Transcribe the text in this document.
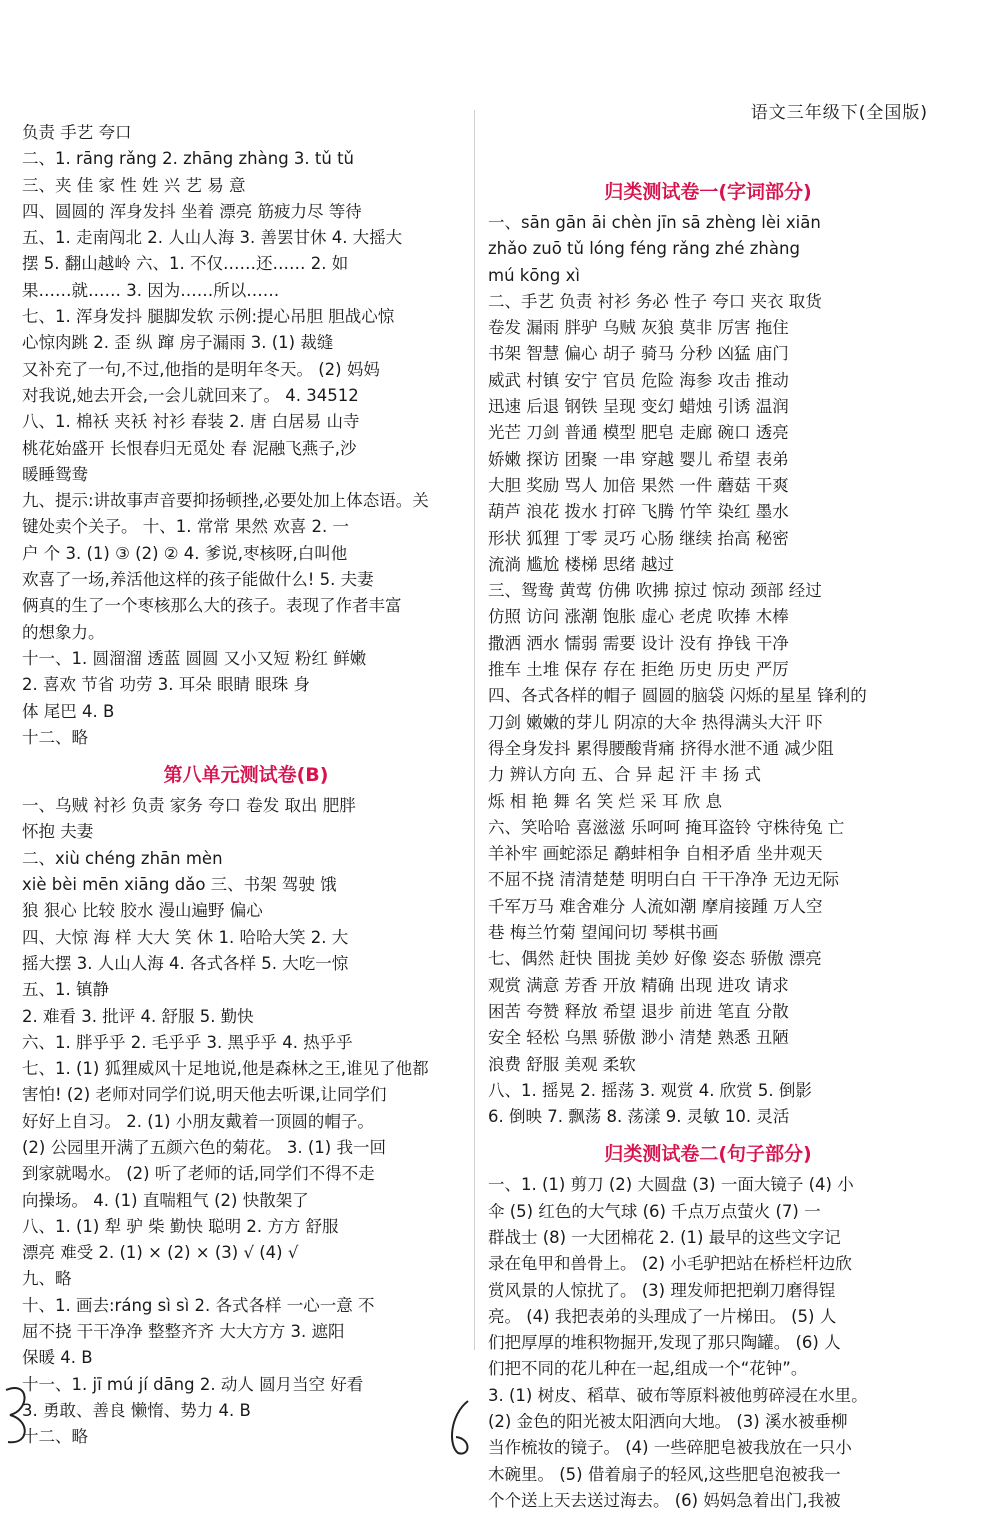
语文三年级下(全国版)
负责 手艺 夸口
二、1. rāng rǎng 2. zhāng zhàng 3. tǔ tǔ
三、夹 佳 家 性 姓 兴 艺 易 意
四、圆圆的 浑身发抖 坐着 漂亮 筋疲力尽 等待
五、1. 走南闯北 2. 人山人海 3. 善罢甘休 4. 大摇大
摆 5. 翻山越岭 六、1. 不仅……还…… 2. 如
果……就…… 3. 因为……所以……
七、1. 浑身发抖 腿脚发软 示例:提心吊胆 胆战心惊
心惊肉跳 2. 歪 纵 蹿 房子漏雨 3. (1) 裁缝
又补充了一句,不过,他指的是明年冬天。 (2) 妈妈
对我说,她去开会,一会儿就回来了。 4. 34512
八、1. 棉袄 夹袄 衬衫 春装 2. 唐 白居易 山寺
桃花始盛开 长恨春归无觅处 春 泥融飞燕子,沙
暖睡鸳鸯
九、提示:讲故事声音要抑扬顿挫,必要处加上体态语。关
键处卖个关子。 十、1. 常常 果然 欢喜 2. 一
户 个 3. (1) ③ (2) ② 4. 爹说,枣核呀,白叫他
欢喜了一场,养活他这样的孩子能做什么! 5. 夫妻
俩真的生了一个枣核那么大的孩子。表现了作者丰富
的想象力。
十一、1. 圆溜溜 透蓝 圆圆 又小又短 粉红 鲜嫩
2. 喜欢 节省 功劳 3. 耳朵 眼睛 眼珠 身
体 尾巴 4. B
十二、略
第八单元测试卷(B)
一、乌贼 衬衫 负责 家务 夸口 卷发 取出 肥胖
怀抱 夫妻
二、xiù chéng zhān mèn
xiè bèi mēn xiāng dǎo 三、书架 驾驶 饿
狼 狠心 比较 胶水 漫山遍野 偏心
四、大惊 海 样 大大 笑 休 1. 哈哈大笑 2. 大
摇大摆 3. 人山人海 4. 各式各样 5. 大吃一惊
五、1. 镇静
2. 难看 3. 批评 4. 舒服 5. 勤快
六、1. 胖乎乎 2. 毛乎乎 3. 黑乎乎 4. 热乎乎
七、1. (1) 狐狸威风十足地说,他是森林之王,谁见了他都
害怕! (2) 老师对同学们说,明天他去听课,让同学们
好好上自习。 2. (1) 小朋友戴着一顶圆的帽子。
(2) 公园里开满了五颜六色的菊花。 3. (1) 我一回
到家就喝水。 (2) 听了老师的话,同学们不得不走
向操场。 4. (1) 直喘粗气 (2) 快散架了
八、1. (1) 犁 驴 柴 勤快 聪明 2. 方方 舒服
漂亮 难受 2. (1) × (2) × (3) √ (4) √
九、略
十、1. 画去:ráng sì sì 2. 各式各样 一心一意 不
屈不挠 干干净净 整整齐齐 大大方方 3. 遮阳
保暖 4. B
十一、1. jī mú jí dāng 2. 动人 圆月当空 好看
3. 勇敢、善良 懒惰、势力 4. B
十二、略
归类测试卷一(字词部分)
一、sān gān āi chèn jīn sā zhèng lèi xiān
zhǎo zuō tǔ lóng féng rǎng zhé zhàng
mú kōng xì
二、手艺 负责 衬衫 务必 性子 夸口 夹衣 取货
卷发 漏雨 胖驴 乌贼 灰狼 莫非 厉害 拖住
书架 智慧 偏心 胡子 骑马 分秒 凶猛 庙门
威武 村镇 安宁 官员 危险 海参 攻击 推动
迅速 后退 钢铁 呈现 变幻 蜡烛 引诱 温润
光芒 刀剑 普通 模型 肥皂 走廊 碗口 透亮
娇嫩 探访 团聚 一串 穿越 婴儿 希望 表弟
大胆 奖励 骂人 加倍 果然 一件 蘑菇 干爽
葫芦 浪花 拨水 打碎 飞腾 竹竿 染红 墨水
形状 狐狸 丁零 灵巧 心肠 继续 抬高 秘密
流淌 尴尬 楼梯 思绪 越过
三、鸳鸯 黄莺 仿佛 吹拂 掠过 惊动 颈部 经过
仿照 访问 涨潮 饱胀 虚心 老虎 吹捧 木棒
撒洒 洒水 懦弱 需要 设计 没有 挣钱 干净
推车 土堆 保存 存在 拒绝 历史 历史 严厉
四、各式各样的帽子 圆圆的脑袋 闪烁的星星 锋利的
刀剑 嫩嫩的芽儿 阴凉的大伞 热得满头大汗 吓
得全身发抖 累得腰酸背痛 挤得水泄不通 减少阻
力 辨认方向 五、合 异 起 汗 丰 扬 式
烁 相 艳 舞 名 笑 烂 采 耳 欣 息
六、笑哈哈 喜滋滋 乐呵呵 掩耳盗铃 守株待兔 亡
羊补牢 画蛇添足 鹬蚌相争 自相矛盾 坐井观天
不屈不挠 清清楚楚 明明白白 干干净净 无边无际
千军万马 难舍难分 人流如潮 摩肩接踵 万人空
巷 梅兰竹菊 望闻问切 琴棋书画
七、偶然 赶快 围拢 美妙 好像 姿态 骄傲 漂亮
观赏 满意 芳香 开放 精确 出现 进攻 请求
困苦 夸赞 释放 希望 退步 前进 笔直 分散
安全 轻松 乌黑 骄傲 渺小 清楚 熟悉 丑陋
浪费 舒服 美观 柔软
八、1. 摇晃 2. 摇荡 3. 观赏 4. 欣赏 5. 倒影
6. 倒映 7. 飘荡 8. 荡漾 9. 灵敏 10. 灵活
归类测试卷二(句子部分)
一、1. (1) 剪刀 (2) 大圆盘 (3) 一面大镜子 (4) 小
伞 (5) 红色的大气球 (6) 千点万点萤火 (7) 一
群战士 (8) 一大团棉花 2. (1) 最早的这些文字记
录在龟甲和兽骨上。 (2) 小毛驴把站在桥栏杆边欣
赏风景的人惊扰了。 (3) 理发师把把剃刀磨得锃
亮。 (4) 我把表弟的头理成了一片梯田。 (5) 人
们把厚厚的堆积物掘开,发现了那只陶罐。 (6) 人
们把不同的花儿种在一起,组成一个“花钟”。
3. (1) 树皮、稻草、破布等原料被他剪碎浸在水里。
(2) 金色的阳光被太阳洒向大地。 (3) 溪水被垂柳
当作梳妆的镜子。 (4) 一些碎肥皂被我放在一只小
木碗里。 (5) 借着扇子的轻风,这些肥皂泡被我一
个个送上天去送过海去。 (6) 妈妈急着出门,我被
